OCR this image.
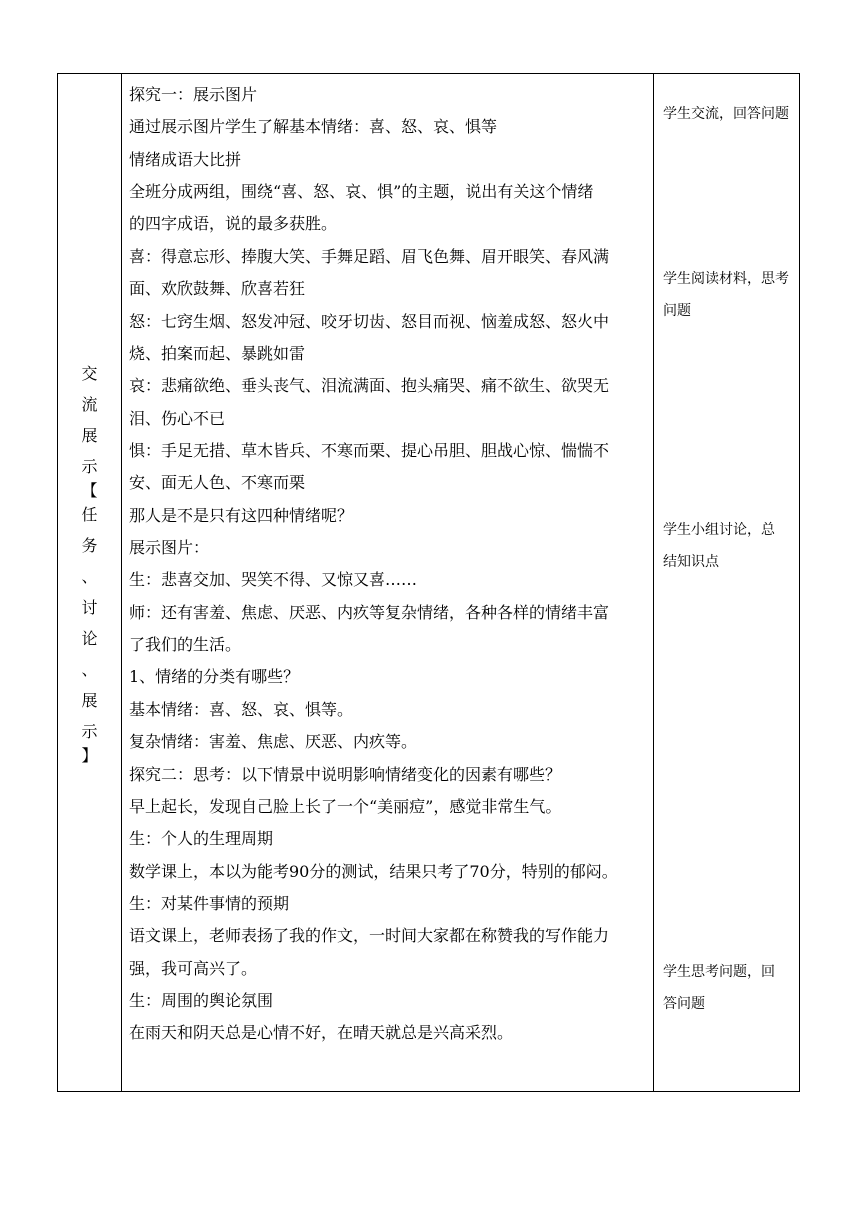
交
流
展
示
【
任
务
、
讨
论
、
展
示
】

探究一：展示图片

通过展示图片学生了解基本情绪：喜、怒、哀、惧等

情绪成语大比拼

全班分成两组，围绕“喜、怒、哀、惧”的主题，说出有关这个情绪

的四字成语，说的最多获胜。

喜：得意忘形、捧腹大笑、手舞足蹈、眉飞色舞、眉开眼笑、春风满

面、欢欣鼓舞、欣喜若狂

怒：七窍生烟、怒发冲冠、咬牙切齿、怒目而视、恼羞成怒、怒火中

烧、拍案而起、暴跳如雷

哀：悲痛欲绝、垂头丧气、泪流满面、抱头痛哭、痛不欲生、欲哭无

泪、伤心不已

惧：手足无措、草木皆兵、不寒而栗、提心吊胆、胆战心惊、惴惴不

安、面无人色、不寒而栗

那人是不是只有这四种情绪呢？

展示图片：

生：悲喜交加、哭笑不得、又惊又喜……

师：还有害羞、焦虑、厌恶、内疚等复杂情绪，各种各样的情绪丰富

了我们的生活。

1、情绪的分类有哪些？

基本情绪：喜、怒、哀、惧等。

复杂情绪：害羞、焦虑、厌恶、内疚等。

探究二：思考：以下情景中说明影响情绪变化的因素有哪些？

早上起长，发现自己脸上长了一个“美丽痘”，感觉非常生气。

生：个人的生理周期

数学课上，本以为能考90分的测试，结果只考了70分，特别的郁闷。

生：对某件事情的预期

语文课上，老师表扬了我的作文，一时间大家都在称赞我的写作能力

强，我可高兴了。

生：周围的舆论氛围

在雨天和阴天总是心情不好，在晴天就总是兴高采烈。

学生交流，回答问题
学生阅读材料，思考
问题
学生小组讨论，总
结知识点
学生思考问题，回
答问题
